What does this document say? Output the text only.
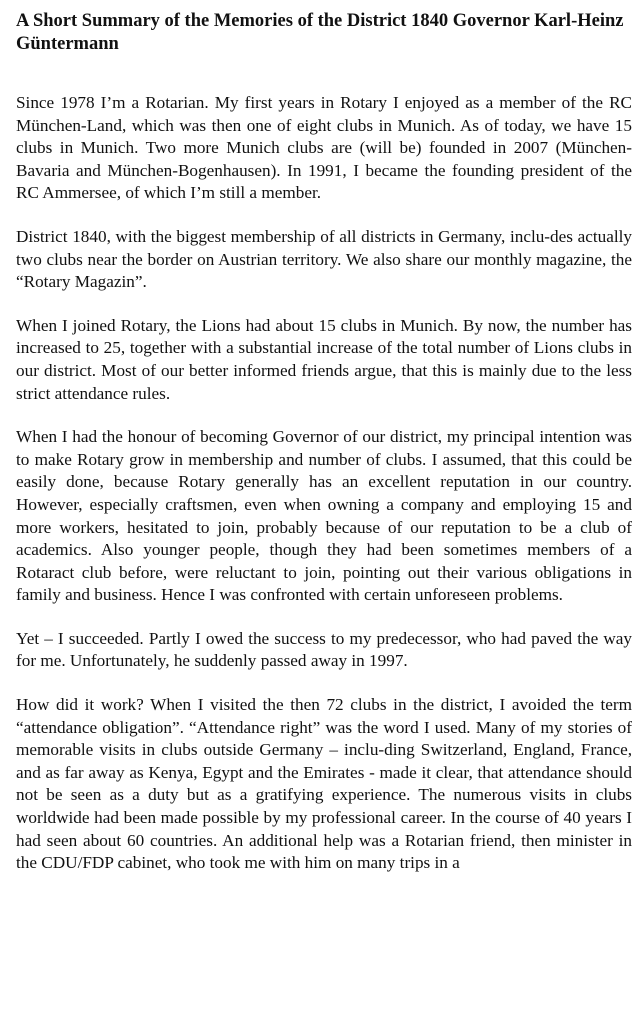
A Short Summary of the Memories of the District 1840 Governor Karl-Heinz Güntermann

Since 1978 I’m a Rotarian. My first years in Rotary I enjoyed as a member of the RC München-Land, which was then one of eight clubs in Munich. As of today, we have 15 clubs in Munich. Two more Munich clubs are (will be) founded in 2007 (München-Bavaria and München-Bogenhausen). In 1991, I became the founding president of the RC Ammersee, of which I’m still a member.

District 1840, with the biggest membership of all districts in Germany, inclu-des actually two clubs near the border on Austrian territory. We also share our monthly magazine, the “Rotary Magazin”.

When I joined Rotary, the Lions had about 15 clubs in Munich. By now, the number has increased to 25, together with a substantial increase of the total number of Lions clubs in our district. Most of our better informed friends argue, that this is mainly due to the less strict attendance rules.

When I had the honour of becoming Governor of our district, my principal intention was to make Rotary grow in membership and number of clubs. I assumed, that this could be easily done, because Rotary generally has an excellent reputation in our country. However, especially craftsmen, even when owning a company and employing 15 and more workers, hesitated to join, probably because of our reputation to be a club of academics. Also younger people, though they had been sometimes members of a Rotaract club before, were reluctant to join, pointing out their various obligations in family and business. Hence I was confronted with certain unforeseen problems.

Yet – I succeeded. Partly I owed the success to my predecessor, who had paved the way for me. Unfortunately, he suddenly passed away in 1997.

How did it work? When I visited the then 72 clubs in the district, I avoided the term “attendance obligation”. “Attendance right” was the word I used. Many of my stories of memorable visits in clubs outside Germany – inclu-ding Switzerland, England, France, and as far away as Kenya, Egypt and the Emirates - made it clear, that attendance should not be seen as a duty but as a gratifying experience. The numerous visits in clubs worldwide had been made possible by my professional career. In the course of 40 years I had seen about 60 countries. An additional help was a Rotarian friend, then minister in the CDU/FDP cabinet, who took me with him on many trips in a
